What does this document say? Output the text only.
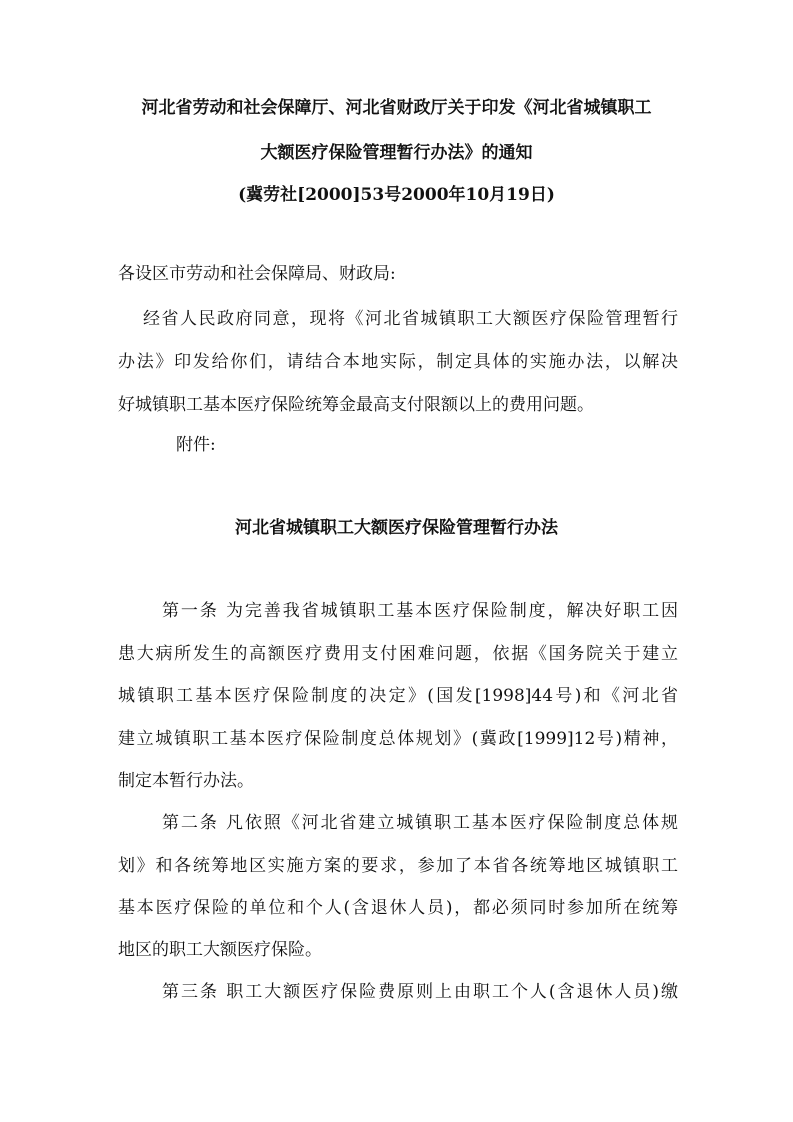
河北省劳动和社会保障厅、河北省财政厅关于印发《河北省城镇职工
大额医疗保险管理暂行办法》的通知
(冀劳社[2000]53号2000年10月19日)
各设区市劳动和社会保障局、财政局:
经省人民政府同意，现将《河北省城镇职工大额医疗保险管理暂行
办法》印发给你们，请结合本地实际，制定具体的实施办法，以解决
好城镇职工基本医疗保险统筹金最高支付限额以上的费用问题。
附件:
河北省城镇职工大额医疗保险管理暂行办法
第一条 为完善我省城镇职工基本医疗保险制度，解决好职工因
患大病所发生的高额医疗费用支付困难问题，依据《国务院关于建立
城镇职工基本医疗保险制度的决定》(国发[1998]44号)和《河北省
建立城镇职工基本医疗保险制度总体规划》(冀政[1999]12号)精神，
制定本暂行办法。
第二条 凡依照《河北省建立城镇职工基本医疗保险制度总体规
划》和各统筹地区实施方案的要求，参加了本省各统筹地区城镇职工
基本医疗保险的单位和个人(含退休人员)，都必须同时参加所在统筹
地区的职工大额医疗保险。
第三条 职工大额医疗保险费原则上由职工个人(含退休人员)缴
